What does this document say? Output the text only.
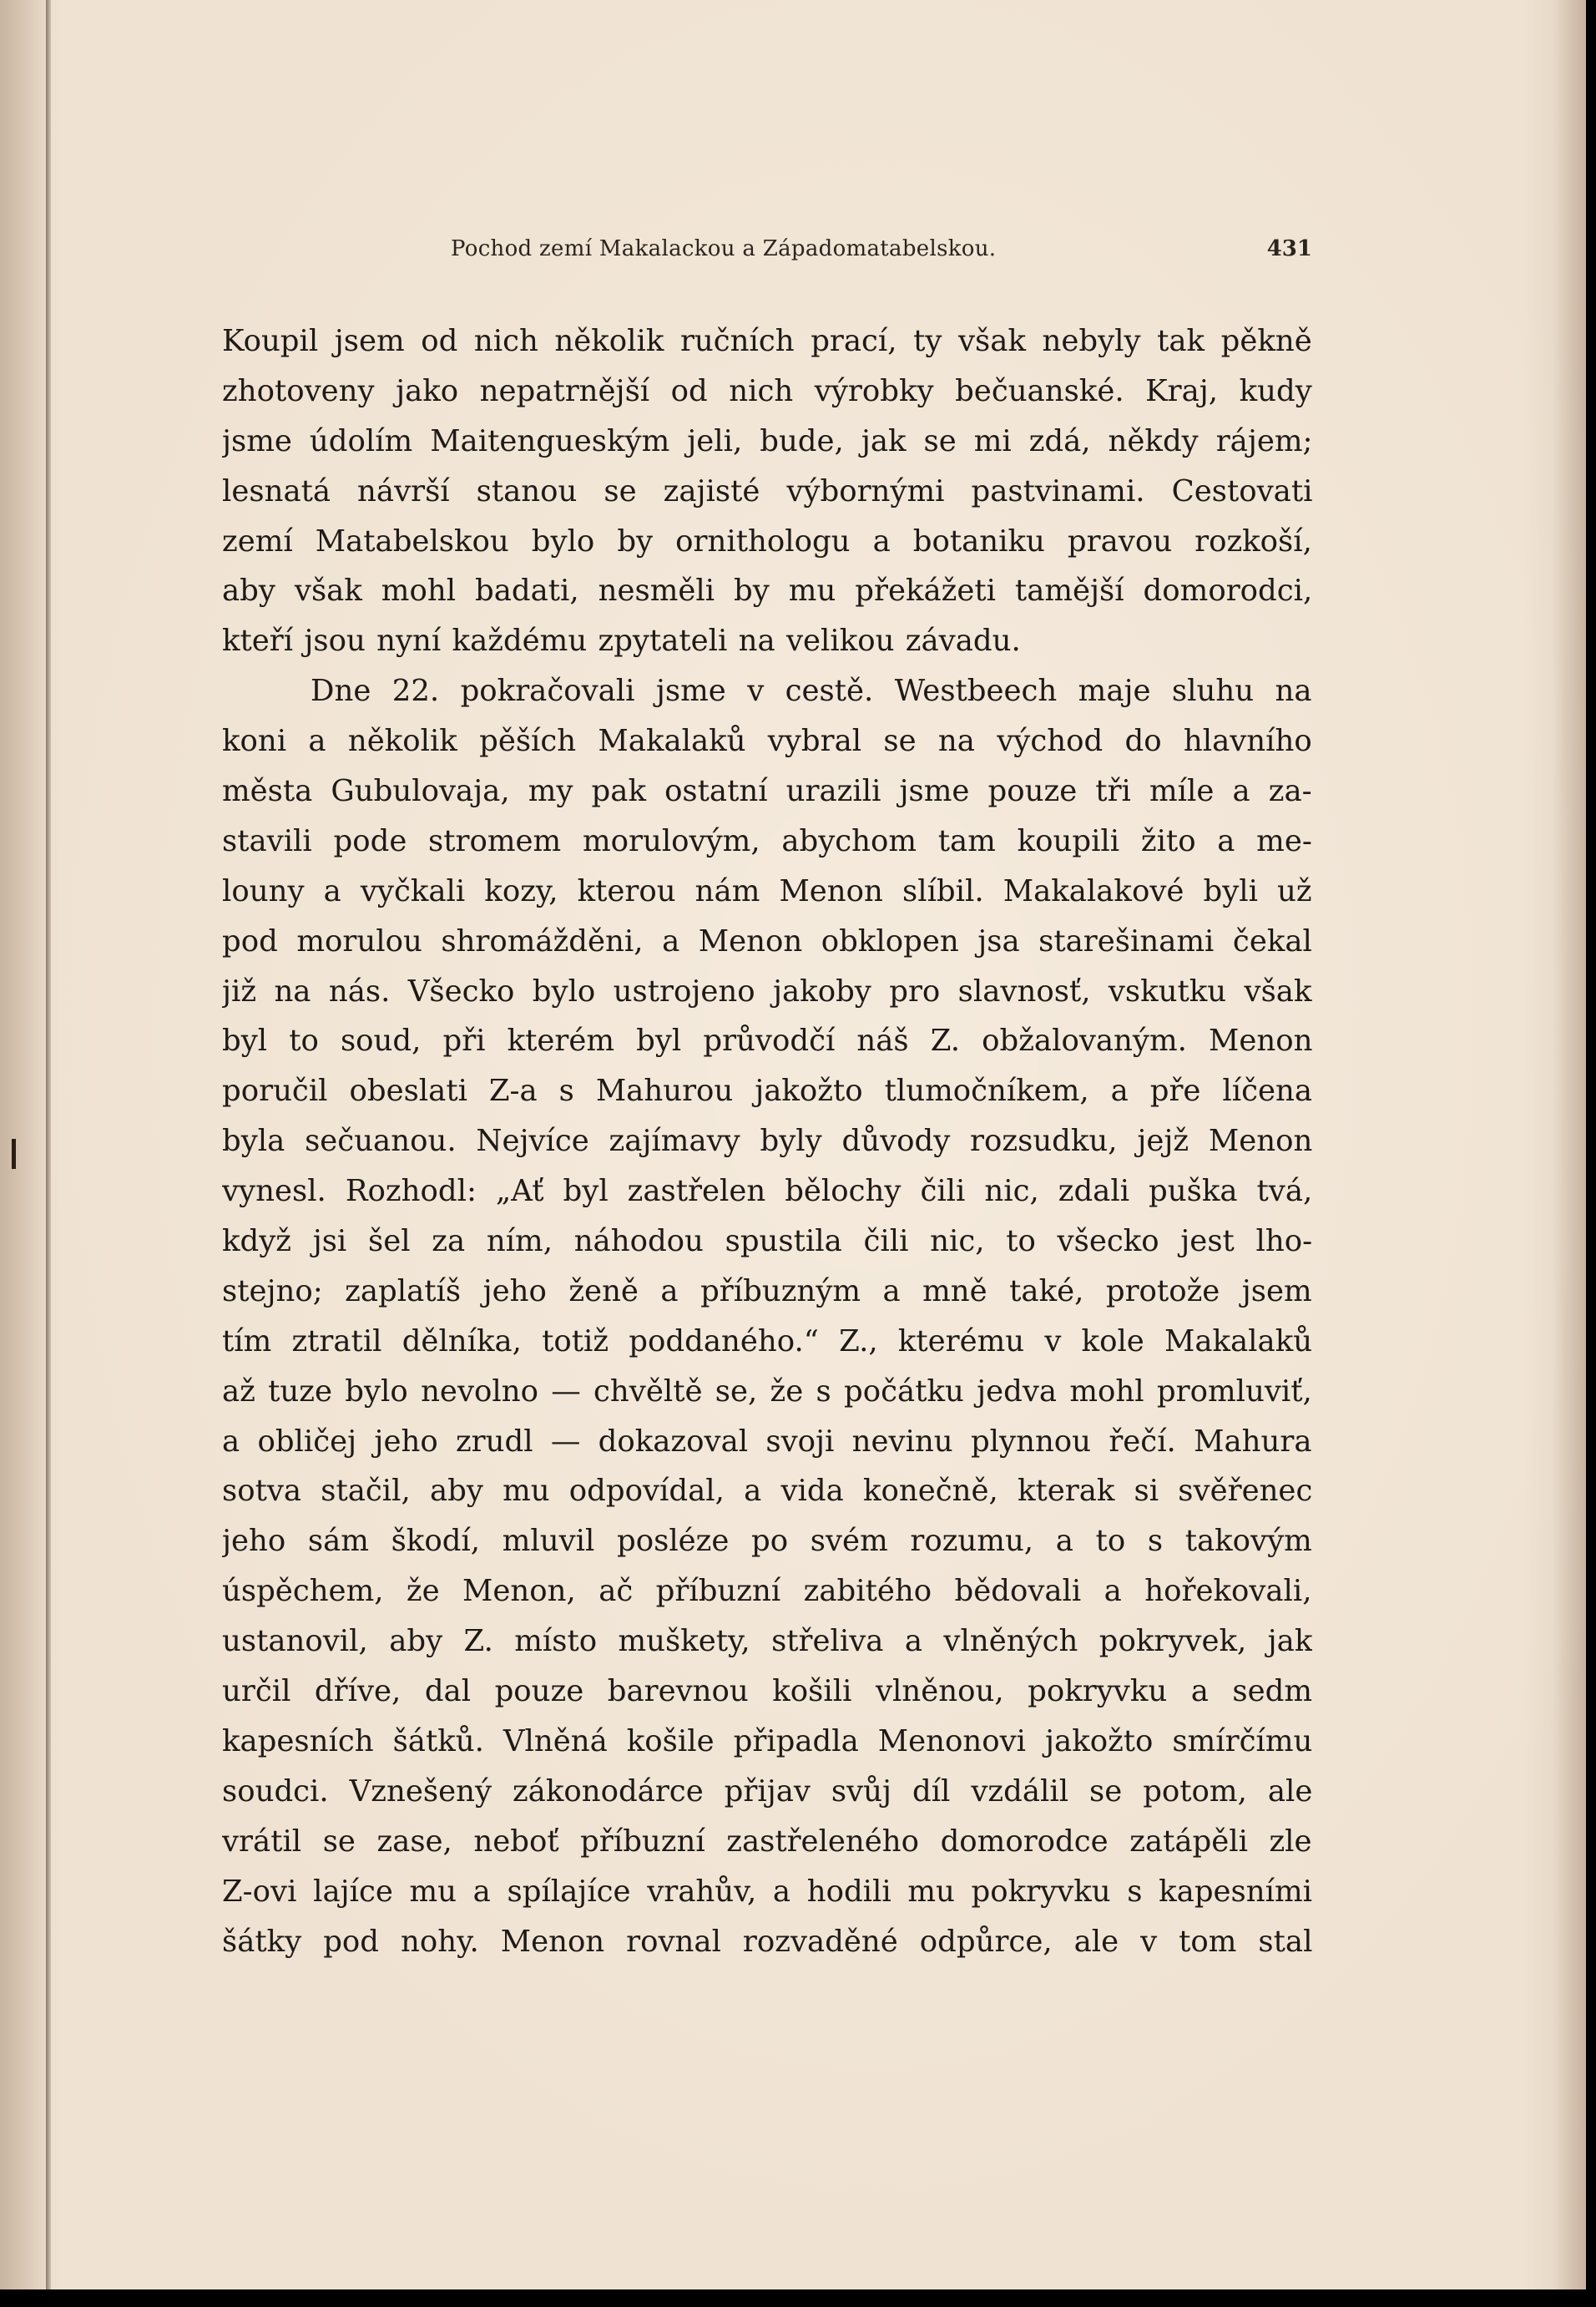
Pochod zemí Makalackou a Západomatabelskou.	431
Koupil jsem od nich několik ručních prací, ty však nebyly tak pěkně
zhotoveny jako nepatrnější od nich výrobky bečuanské. Kraj, kudy
jsme údolím Maitengueským jeli, bude, jak se mi zdá, někdy rájem;
lesnatá návrší stanou se zajisté výbornými pastvinami. Cestovati
zemí Matabelskou bylo by ornithologu a botaniku pravou rozkoší,
aby však mohl badati, nesměli by mu překážeti tamější domorodci,
kteří jsou nyní každému zpytateli na velikou závadu.
Dne 22. pokračovali jsme v cestě. Westbeech maje sluhu na
koni a několik pěších Makalaků vybral se na východ do hlavního
města Gubulovaja, my pak ostatní urazili jsme pouze tři míle a za-
stavili pode stromem morulovým, abychom tam koupili žito a me-
louny a vyčkali kozy, kterou nám Menon slíbil. Makalakové byli už
pod morulou shromážděni, a Menon obklopen jsa starešinami čekal
již na nás. Všecko bylo ustrojeno jakoby pro slavnosť, vskutku však
byl to soud, při kterém byl průvodčí náš Z. obžalovaným. Menon
poručil obeslati Z-a s Mahurou jakožto tlumočníkem, a pře líčena
byla sečuanou. Nejvíce zajímavy byly důvody rozsudku, jejž Menon
vynesl. Rozhodl: „Ať byl zastřelen bělochy čili nic, zdali puška tvá,
když jsi šel za ním, náhodou spustila čili nic, to všecko jest lho-
stejno; zaplatíš jeho ženě a příbuzným a mně také, protože jsem
tím ztratil dělníka, totiž poddaného.“ Z., kterému v kole Makalaků
až tuze bylo nevolno — chvěltě se, že s počátku jedva mohl promluviť,
a obličej jeho zrudl — dokazoval svoji nevinu plynnou řečí. Mahura
sotva stačil, aby mu odpovídal, a vida konečně, kterak si svěřenec
jeho sám škodí, mluvil posléze po svém rozumu, a to s takovým
úspěchem, že Menon, ač příbuzní zabitého bědovali a hořekovali,
ustanovil, aby Z. místo muškety, střeliva a vlněných pokryvek, jak
určil dříve, dal pouze barevnou košili vlněnou, pokryvku a sedm
kapesních šátků. Vlněná košile připadla Menonovi jakožto smírčímu
soudci. Vznešený zákonodárce přijav svůj díl vzdálil se potom, ale
vrátil se zase, neboť příbuzní zastřeleného domorodce zatápěli zle
Z-ovi lajíce mu a spílajíce vrahův, a hodili mu pokryvku s kapesními
šátky pod nohy. Menon rovnal rozvaděné odpůrce, ale v tom stal
